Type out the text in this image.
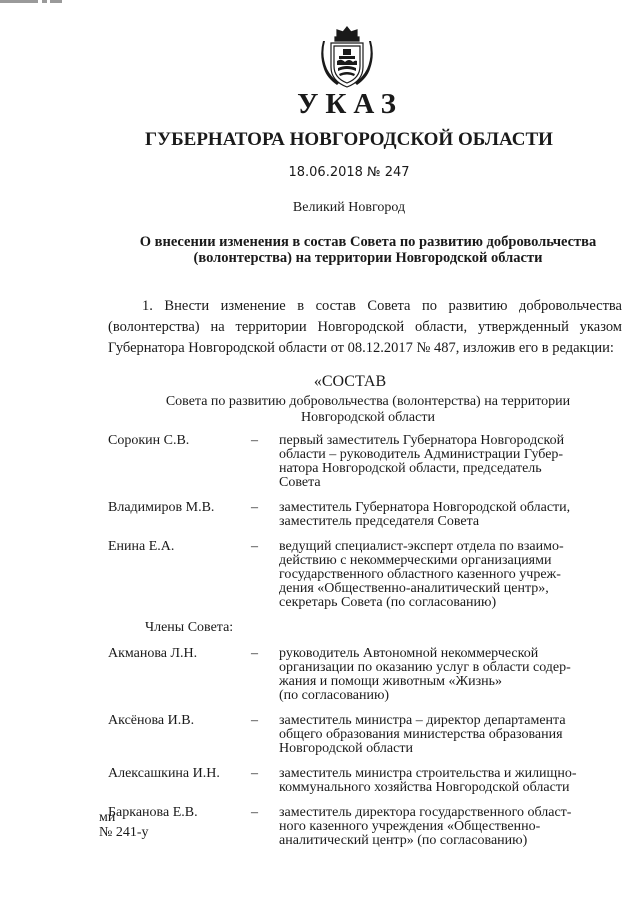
УКАЗ
ГУБЕРНАТОРА НОВГОРОДСКОЙ ОБЛАСТИ
18.06.2018 № 247
Великий Новгород
О внесении изменения в состав Совета по развитию добровольчества
(волонтерства) на территории Новгородской области
1. Внести изменение в состав Совета по развитию добровольчества (волонтерства) на территории Новгородской области, утвержденный указом Губернатора Новгородской области от 08.12.2017 № 487, изложив его в редакции:
«СОСТАВ
Совета по развитию добровольчества (волонтерства) на территории
Новгородской области
Сорокин С.В.	–	первый заместитель Губернатора Новгородской
области – руководитель Администрации Губер-
натора Новгородской области, председатель
Совета
Владимиров М.В.	–	заместитель Губернатора Новгородской области,
заместитель председателя Совета
Енина Е.А.	–	ведущий специалист-эксперт отдела по взаимо-
действию с некоммерческими организациями
государственного областного казенного учреж-
дения «Общественно-аналитический центр»,
секретарь Совета (по согласованию)
Члены Совета:
Акманова Л.Н.	–	руководитель Автономной некоммерческой
организации по оказанию услуг в области содер-
жания и помощи животным «Жизнь»
(по согласованию)
Аксёнова И.В.	–	заместитель министра – директор департамента
общего образования министерства образования
Новгородской области
Алексашкина И.Н.	–	заместитель министра строительства и жилищно-
коммунального хозяйства Новгородской области
Барканова Е.В.	–	заместитель директора государственного област-
ного казенного учреждения «Общественно-
аналитический центр» (по согласованию)
ми
№ 241-у
